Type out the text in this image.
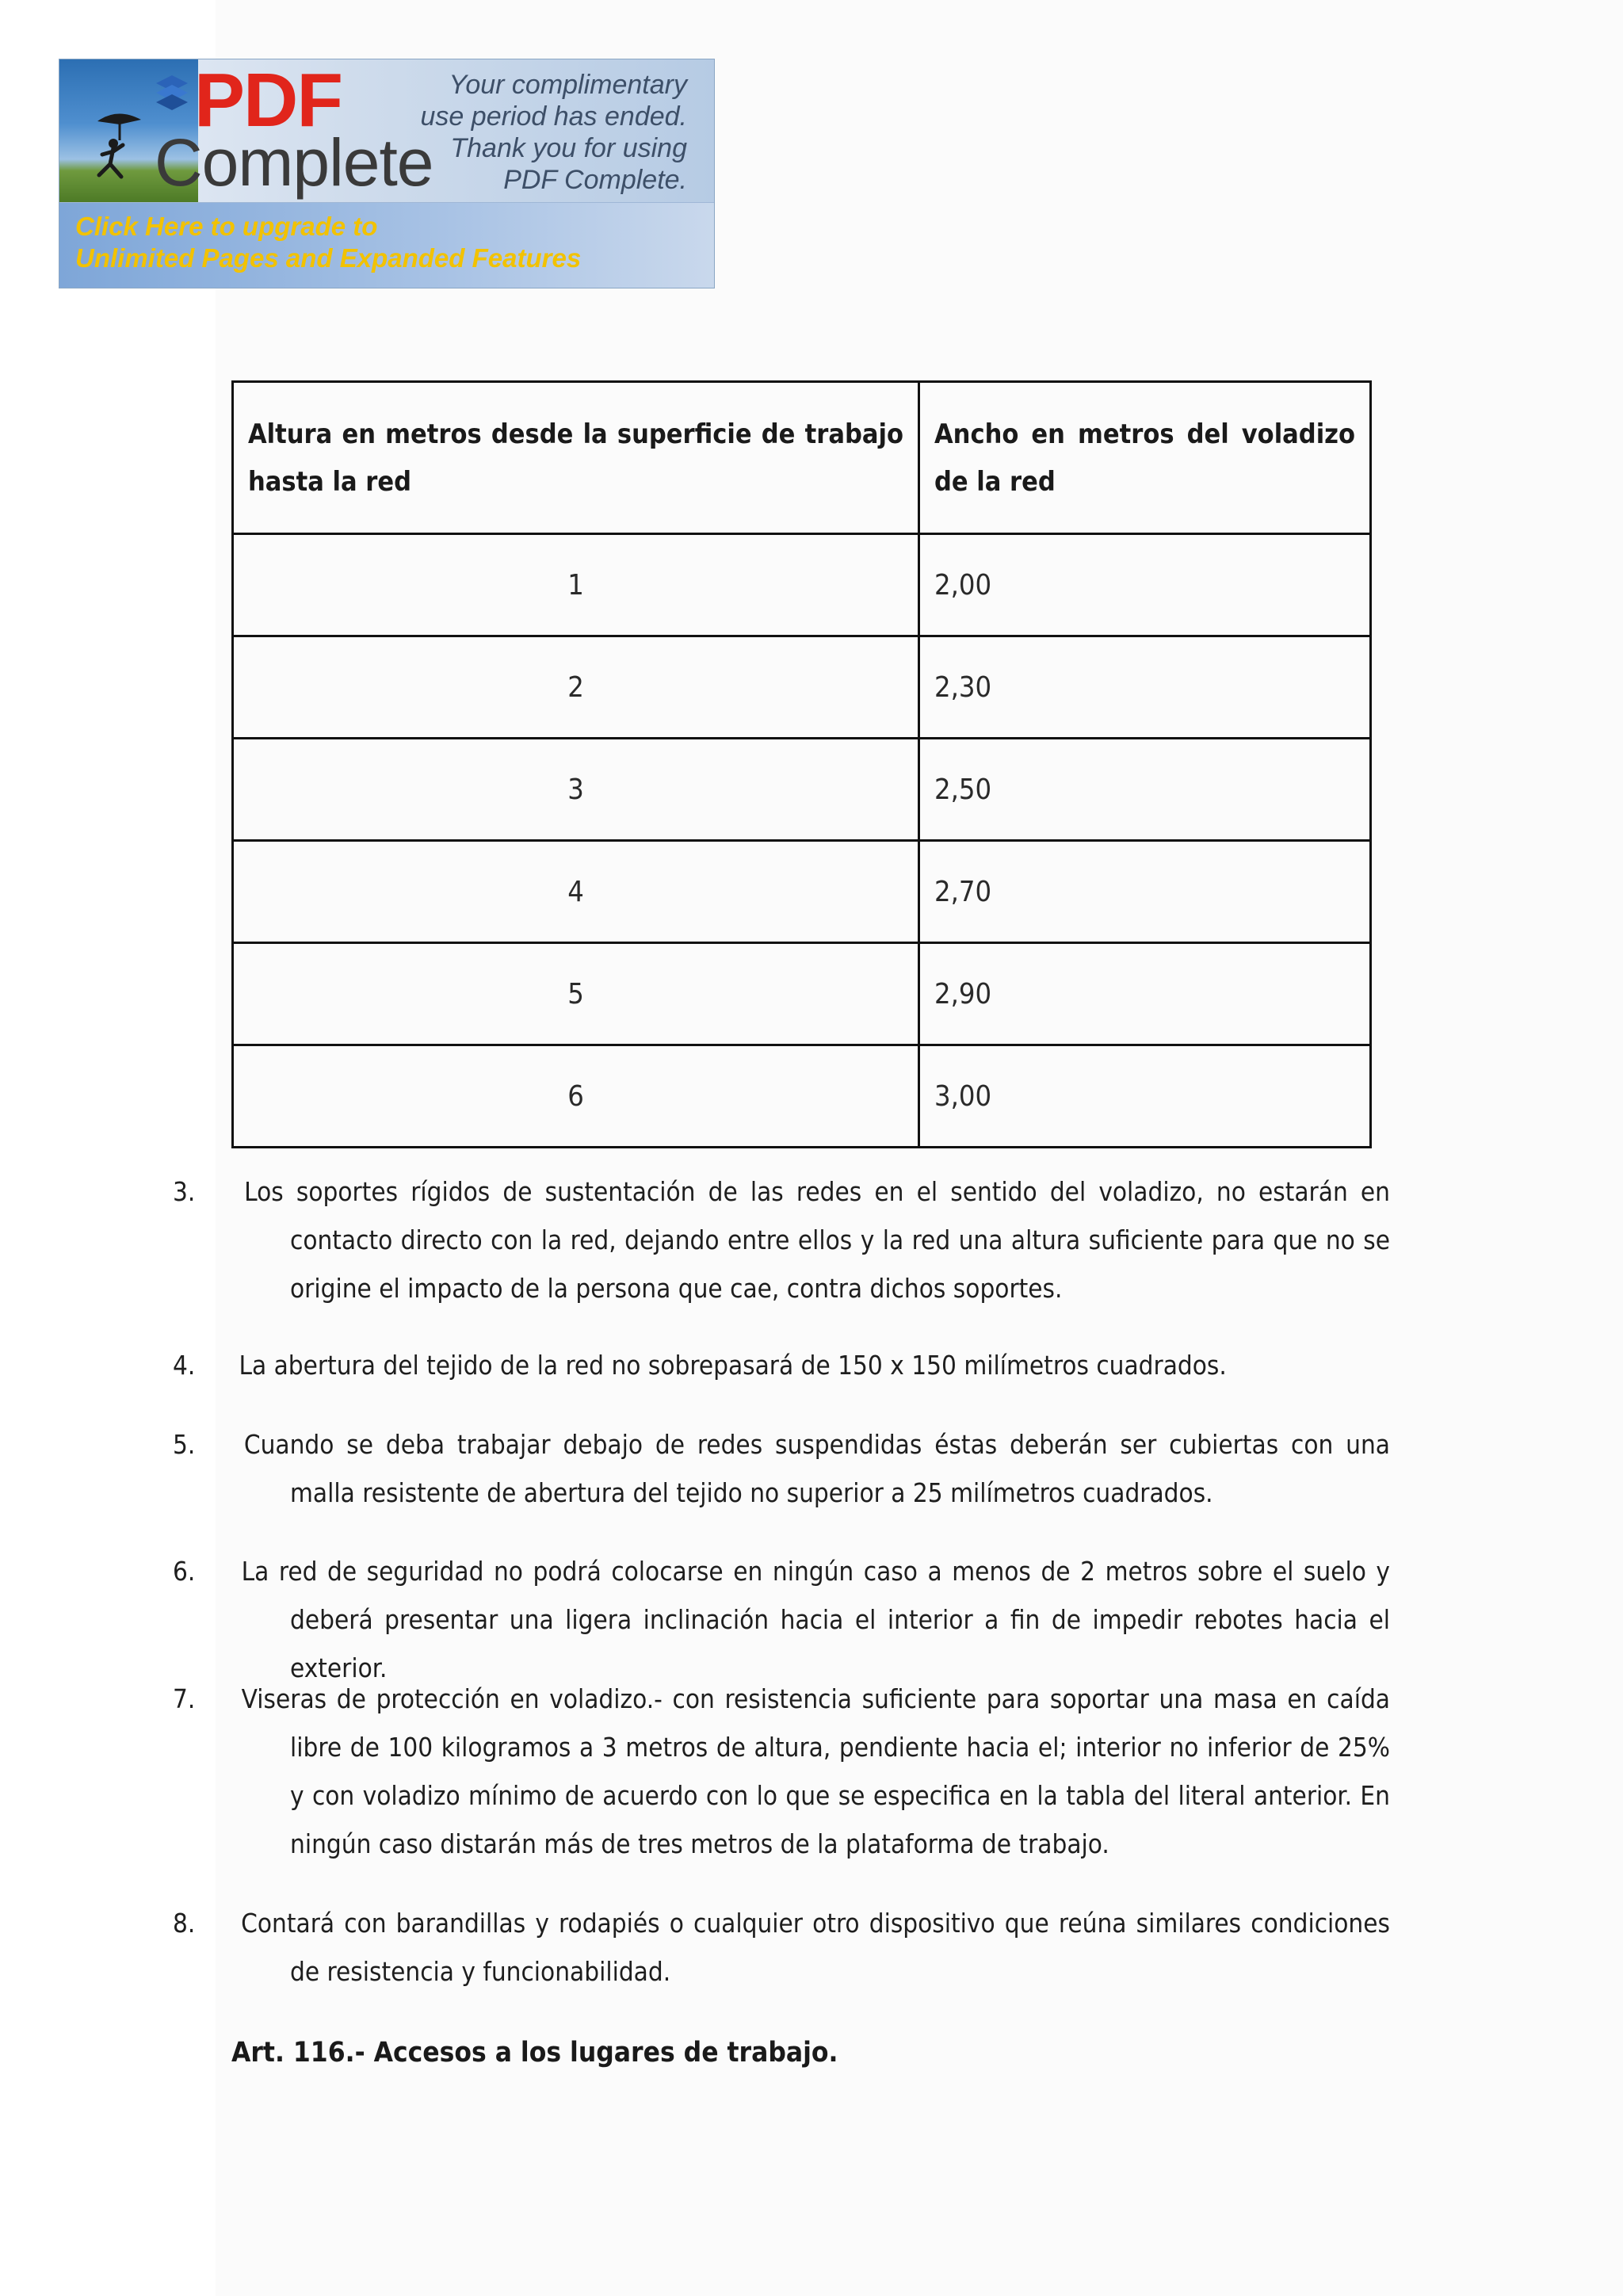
PDF
Complete
Your complimentary
use period has ended.
Thank you for using
PDF Complete.
Click Here to upgrade to
Unlimited Pages and Expanded Features
Altura en metros desde la superficie de trabajo hasta la red	Ancho en metros del voladizo de la red
1	2,00
2	2,30
3	2,50
4	2,70
5	2,90
6	3,00
3. Los soportes rígidos de sustentación de las redes en el sentido del voladizo, no estarán en contacto directo con la red, dejando entre ellos y la red una altura suficiente para que no se origine el impacto de la persona que cae, contra dichos soportes.
4. La abertura del tejido de la red no sobrepasará de 150 x 150 milímetros cuadrados.
5. Cuando se deba trabajar debajo de redes suspendidas éstas deberán ser cubiertas con una malla resistente de abertura del tejido no superior a 25 milímetros cuadrados.
6. La red de seguridad no podrá colocarse en ningún caso a menos de 2 metros sobre el suelo y deberá presentar una ligera inclinación hacia el interior a fin de impedir rebotes hacia el exterior.
7. Viseras de protección en voladizo.- con resistencia suficiente para soportar una masa en caída libre de 100 kilogramos a 3 metros de altura, pendiente hacia el; interior no inferior de 25% y con voladizo mínimo de acuerdo con lo que se especifica en la tabla del literal anterior. En ningún caso distarán más de tres metros de la plataforma de trabajo.
8. Contará con barandillas y rodapiés o cualquier otro dispositivo que reúna similares condiciones de resistencia y funcionabilidad.
Art. 116.- Accesos a los lugares de trabajo.
